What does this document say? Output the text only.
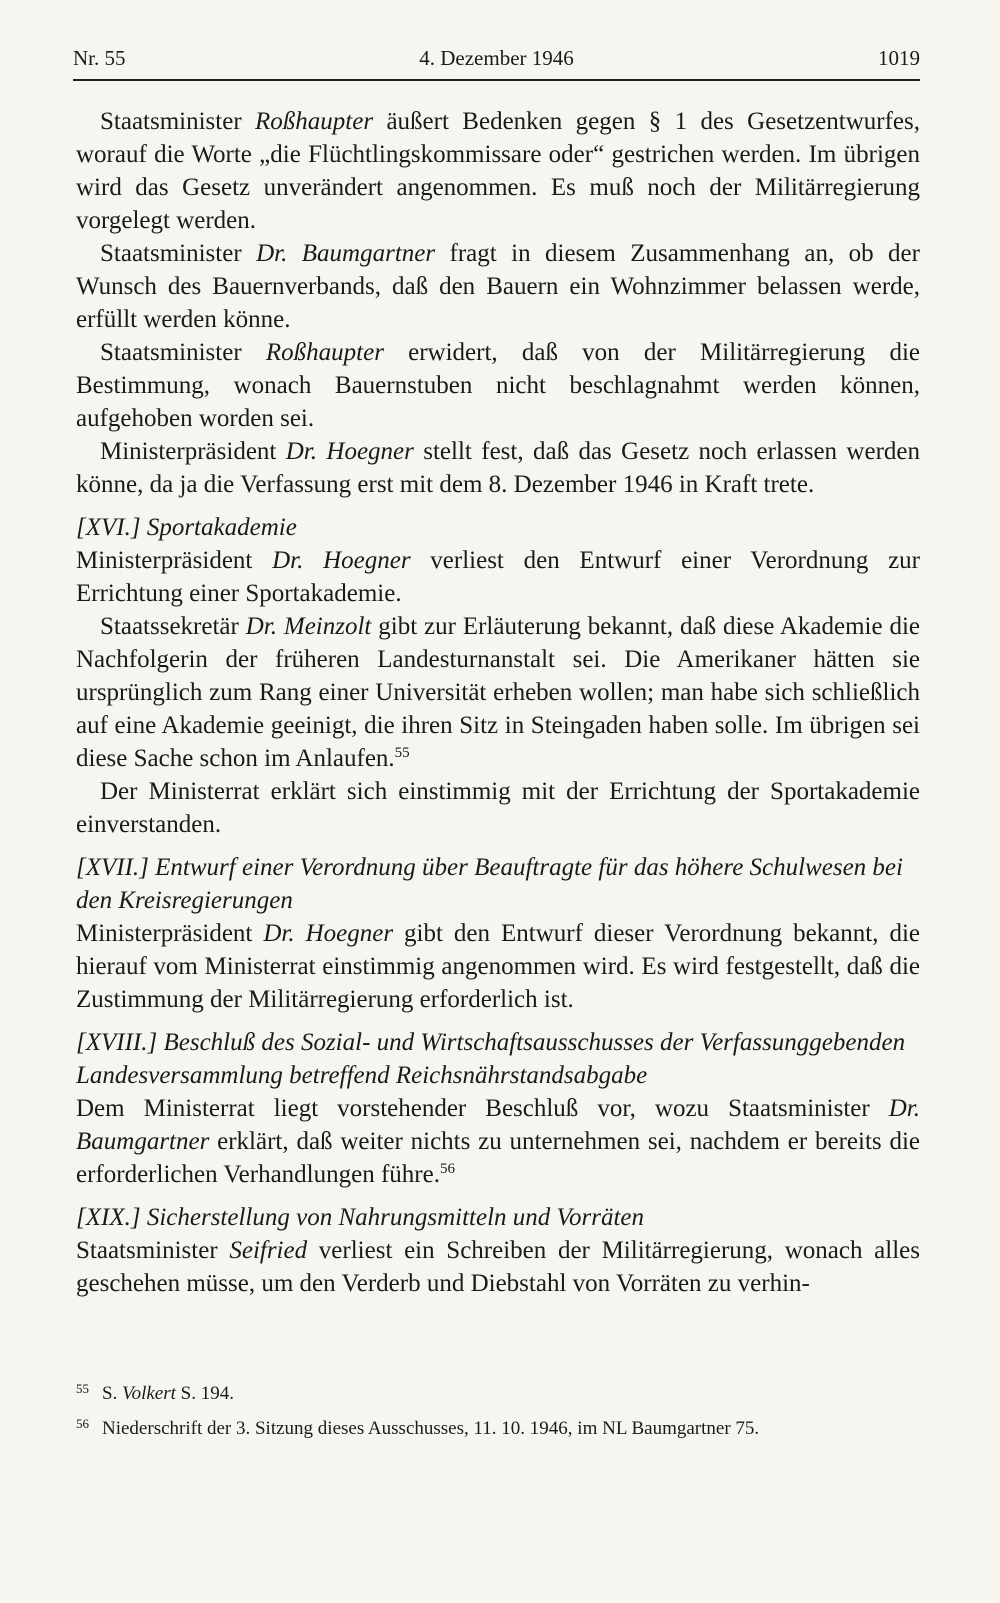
Nr. 55	4. Dezember 1946	1019

Staatsminister Roßhaupter äußert Bedenken gegen § 1 des Gesetzentwurfes, worauf die Worte „die Flüchtlingskommissare oder“ gestrichen werden. Im übrigen wird das Gesetz unverändert angenommen. Es muß noch der Militärregierung vorgelegt werden.

Staatsminister Dr. Baumgartner fragt in diesem Zusammenhang an, ob der Wunsch des Bauernverbands, daß den Bauern ein Wohnzimmer belassen werde, erfüllt werden könne.

Staatsminister Roßhaupter erwidert, daß von der Militärregierung die Bestimmung, wonach Bauernstuben nicht beschlagnahmt werden können, aufgehoben worden sei.

Ministerpräsident Dr. Hoegner stellt fest, daß das Gesetz noch erlassen werden könne, da ja die Verfassung erst mit dem 8. Dezember 1946 in Kraft trete.

[XVI.] Sportakademie

Ministerpräsident Dr. Hoegner verliest den Entwurf einer Verordnung zur Errichtung einer Sportakademie.

Staatssekretär Dr. Meinzolt gibt zur Erläuterung bekannt, daß diese Akademie die Nachfolgerin der früheren Landesturnanstalt sei. Die Amerikaner hätten sie ursprünglich zum Rang einer Universität erheben wollen; man habe sich schließlich auf eine Akademie geeinigt, die ihren Sitz in Steingaden haben solle. Im übrigen sei diese Sache schon im Anlaufen.$^{55}$

Der Ministerrat erklärt sich einstimmig mit der Errichtung der Sportakademie einverstanden.

[XVII.] Entwurf einer Verordnung über Beauftragte für das höhere Schulwesen bei den Kreisregierungen

Ministerpräsident Dr. Hoegner gibt den Entwurf dieser Verordnung bekannt, die hierauf vom Ministerrat einstimmig angenommen wird. Es wird festgestellt, daß die Zustimmung der Militärregierung erforderlich ist.

[XVIII.] Beschluß des Sozial- und Wirtschaftsausschusses der Verfassunggebenden Landesversammlung betreffend Reichsnährstandsabgabe

Dem Ministerrat liegt vorstehender Beschluß vor, wozu Staatsminister Dr. Baumgartner erklärt, daß weiter nichts zu unternehmen sei, nachdem er bereits die erforderlichen Verhandlungen führe.$^{56}$

[XIX.] Sicherstellung von Nahrungsmitteln und Vorräten

Staatsminister Seifried verliest ein Schreiben der Militärregierung, wonach alles geschehen müsse, um den Verderb und Diebstahl von Vorräten zu verhin-

55 S. Volkert S. 194.
56 Niederschrift der 3. Sitzung dieses Ausschusses, 11. 10. 1946, im NL Baumgartner 75.
